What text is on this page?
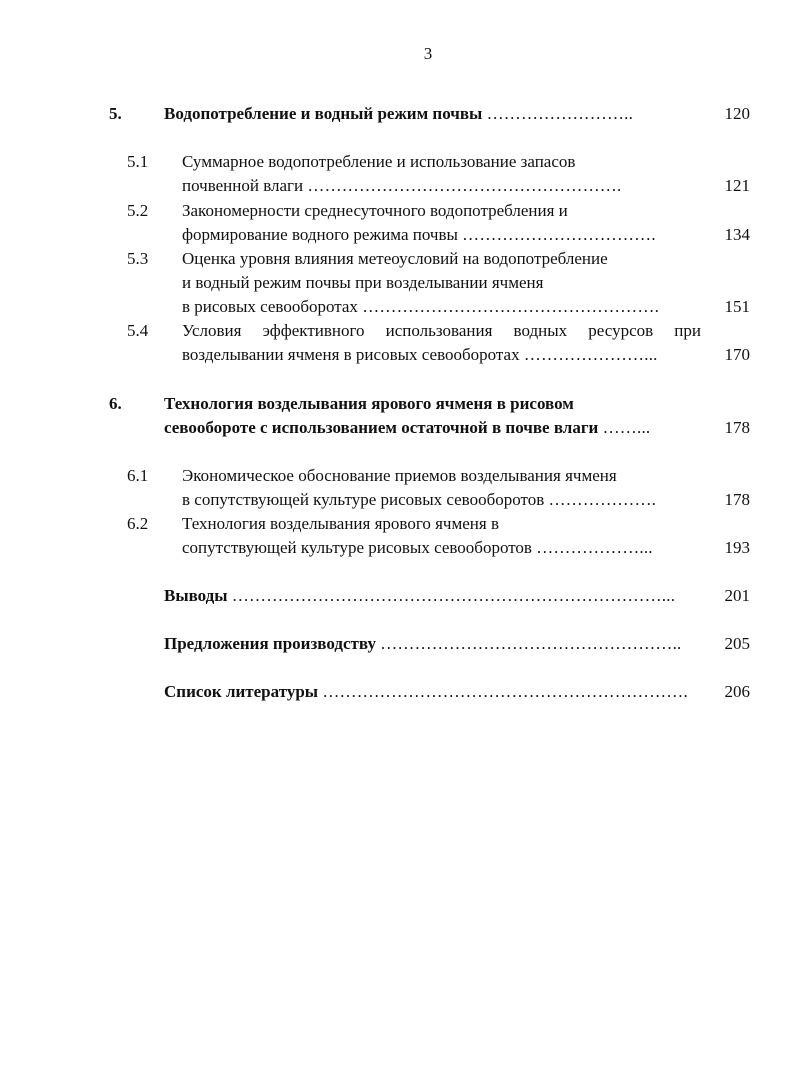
3
5. Водопотребление и водный режим почвы ……………………..	120
5.1 Суммарное водопотребление и использование запасов
почвенной влаги ……………………………………………….	121
5.2 Закономерности среднесуточного водопотребления и
формирование водного режима почвы …………………………….	134
5.3 Оценка уровня влияния метеоусловий на водопотребление
и водный режим почвы при возделывании ячменя
в рисовых севооборотах …………………………………………….	151
5.4 Условия эффективного использования водных ресурсов при
возделывании ячменя в рисовых севооборотах …………………...	170
6. Технология возделывания ярового ячменя в рисовом
севообороте с использованием остаточной в почве влаги ……...	178
6.1 Экономическое обоснование приемов возделывания ячменя
в сопутствующей культуре рисовых севооборотов ……………….	178
6.2 Технология возделывания ярового ячменя в
сопутствующей культуре рисовых севооборотов ………………...	193
Выводы …………………………………………………………………...	201
Предложения производству ……………………………………………..	205
Список литературы ………………………………………………………. 206
